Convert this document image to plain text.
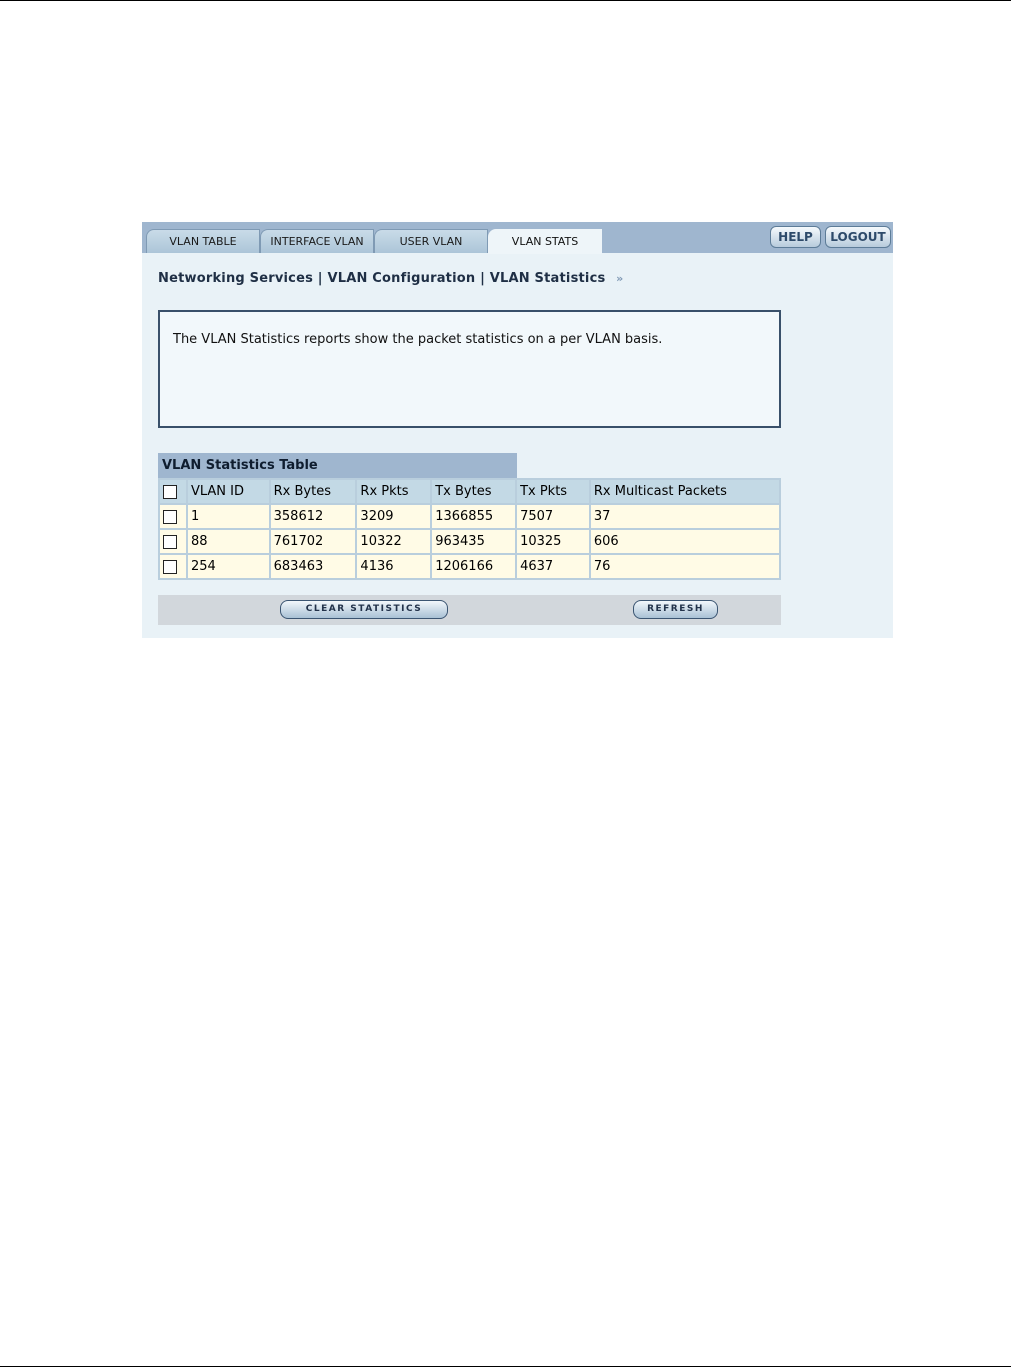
VLAN TABLE	INTERFACE VLAN	USER VLAN	VLAN STATS	HELP	LOGOUT
Networking Services | VLAN Configuration | VLAN Statistics »

The VLAN Statistics reports show the packet statistics on a per VLAN basis.

VLAN Statistics Table
	VLAN ID	Rx Bytes	Rx Pkts	Tx Bytes	Tx Pkts	Rx Multicast Packets
	1	358612	3209	1366855	7507	37
	88	761702	10322	963435	10325	606
	254	683463	4136	1206166	4637	76
CLEAR STATISTICS	REFRESH
